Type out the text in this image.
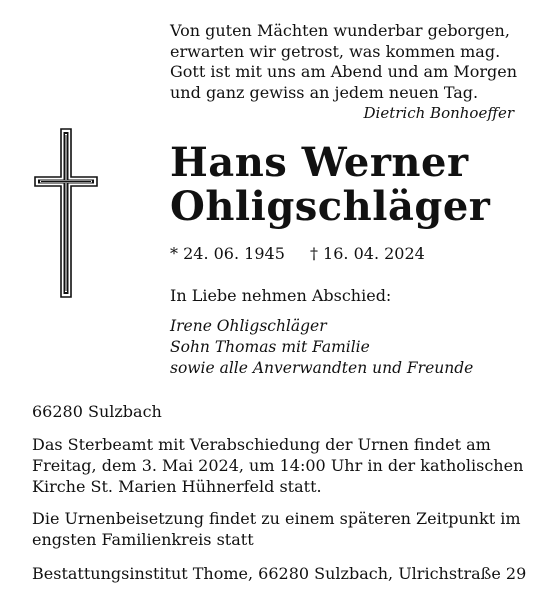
Von guten Mächten wunderbar geborgen,
erwarten wir getrost, was kommen mag.
Gott ist mit uns am Abend und am Morgen
und ganz gewiss an jedem neuen Tag.
Dietrich Bonhoeffer
Hans Werner
Ohligschläger
* 24. 06. 1945 † 16. 04. 2024
In Liebe nehmen Abschied:
Irene Ohligschläger
Sohn Thomas mit Familie
sowie alle Anverwandten und Freunde
66280 Sulzbach
Das Sterbeamt mit Verabschiedung der Urnen findet am
Freitag, dem 3. Mai 2024, um 14:00 Uhr in der katholischen
Kirche St. Marien Hühnerfeld statt.
Die Urnenbeisetzung findet zu einem späteren Zeitpunkt im
engsten Familienkreis statt
Bestattungsinstitut Thome, 66280 Sulzbach, Ulrichstraße 29
